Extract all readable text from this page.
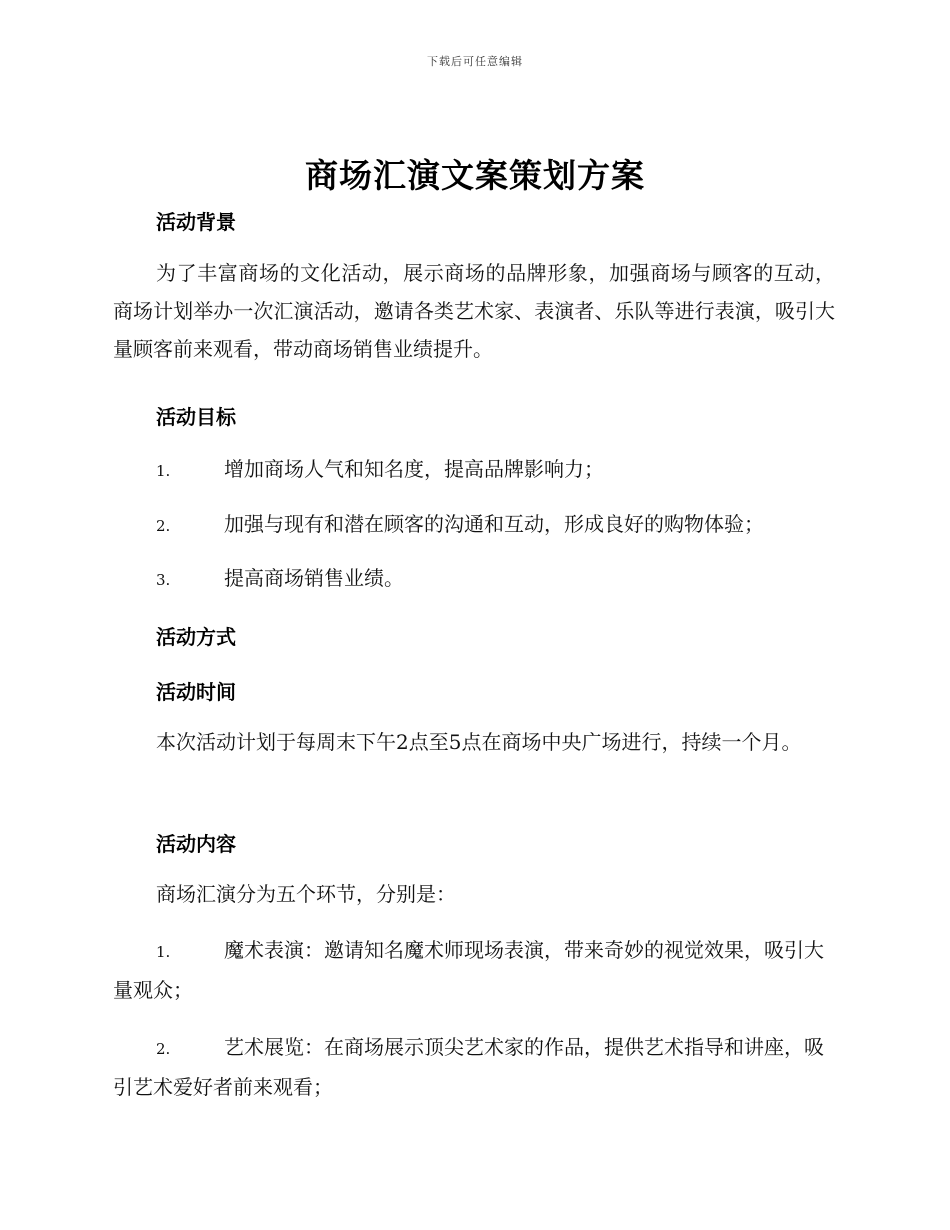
下载后可任意编辑
商场汇演文案策划方案
活动背景

为了丰富商场的文化活动，展示商场的品牌形象，加强商场与顾客的互动，商场计划举办一次汇演活动，邀请各类艺术家、表演者、乐队等进行表演，吸引大量顾客前来观看，带动商场销售业绩提升。

活动目标

1.	增加商场人气和知名度，提高品牌影响力；

2.	加强与现有和潜在顾客的沟通和互动，形成良好的购物体验；

3.	提高商场销售业绩。

活动方式
活动时间

本次活动计划于每周末下午2点至5点在商场中央广场进行，持续一个月。

活动内容

商场汇演分为五个环节，分别是：

1.	魔术表演：邀请知名魔术师现场表演，带来奇妙的视觉效果，吸引大量观众；

2.	艺术展览：在商场展示顶尖艺术家的作品，提供艺术指导和讲座，吸引艺术爱好者前来观看；
